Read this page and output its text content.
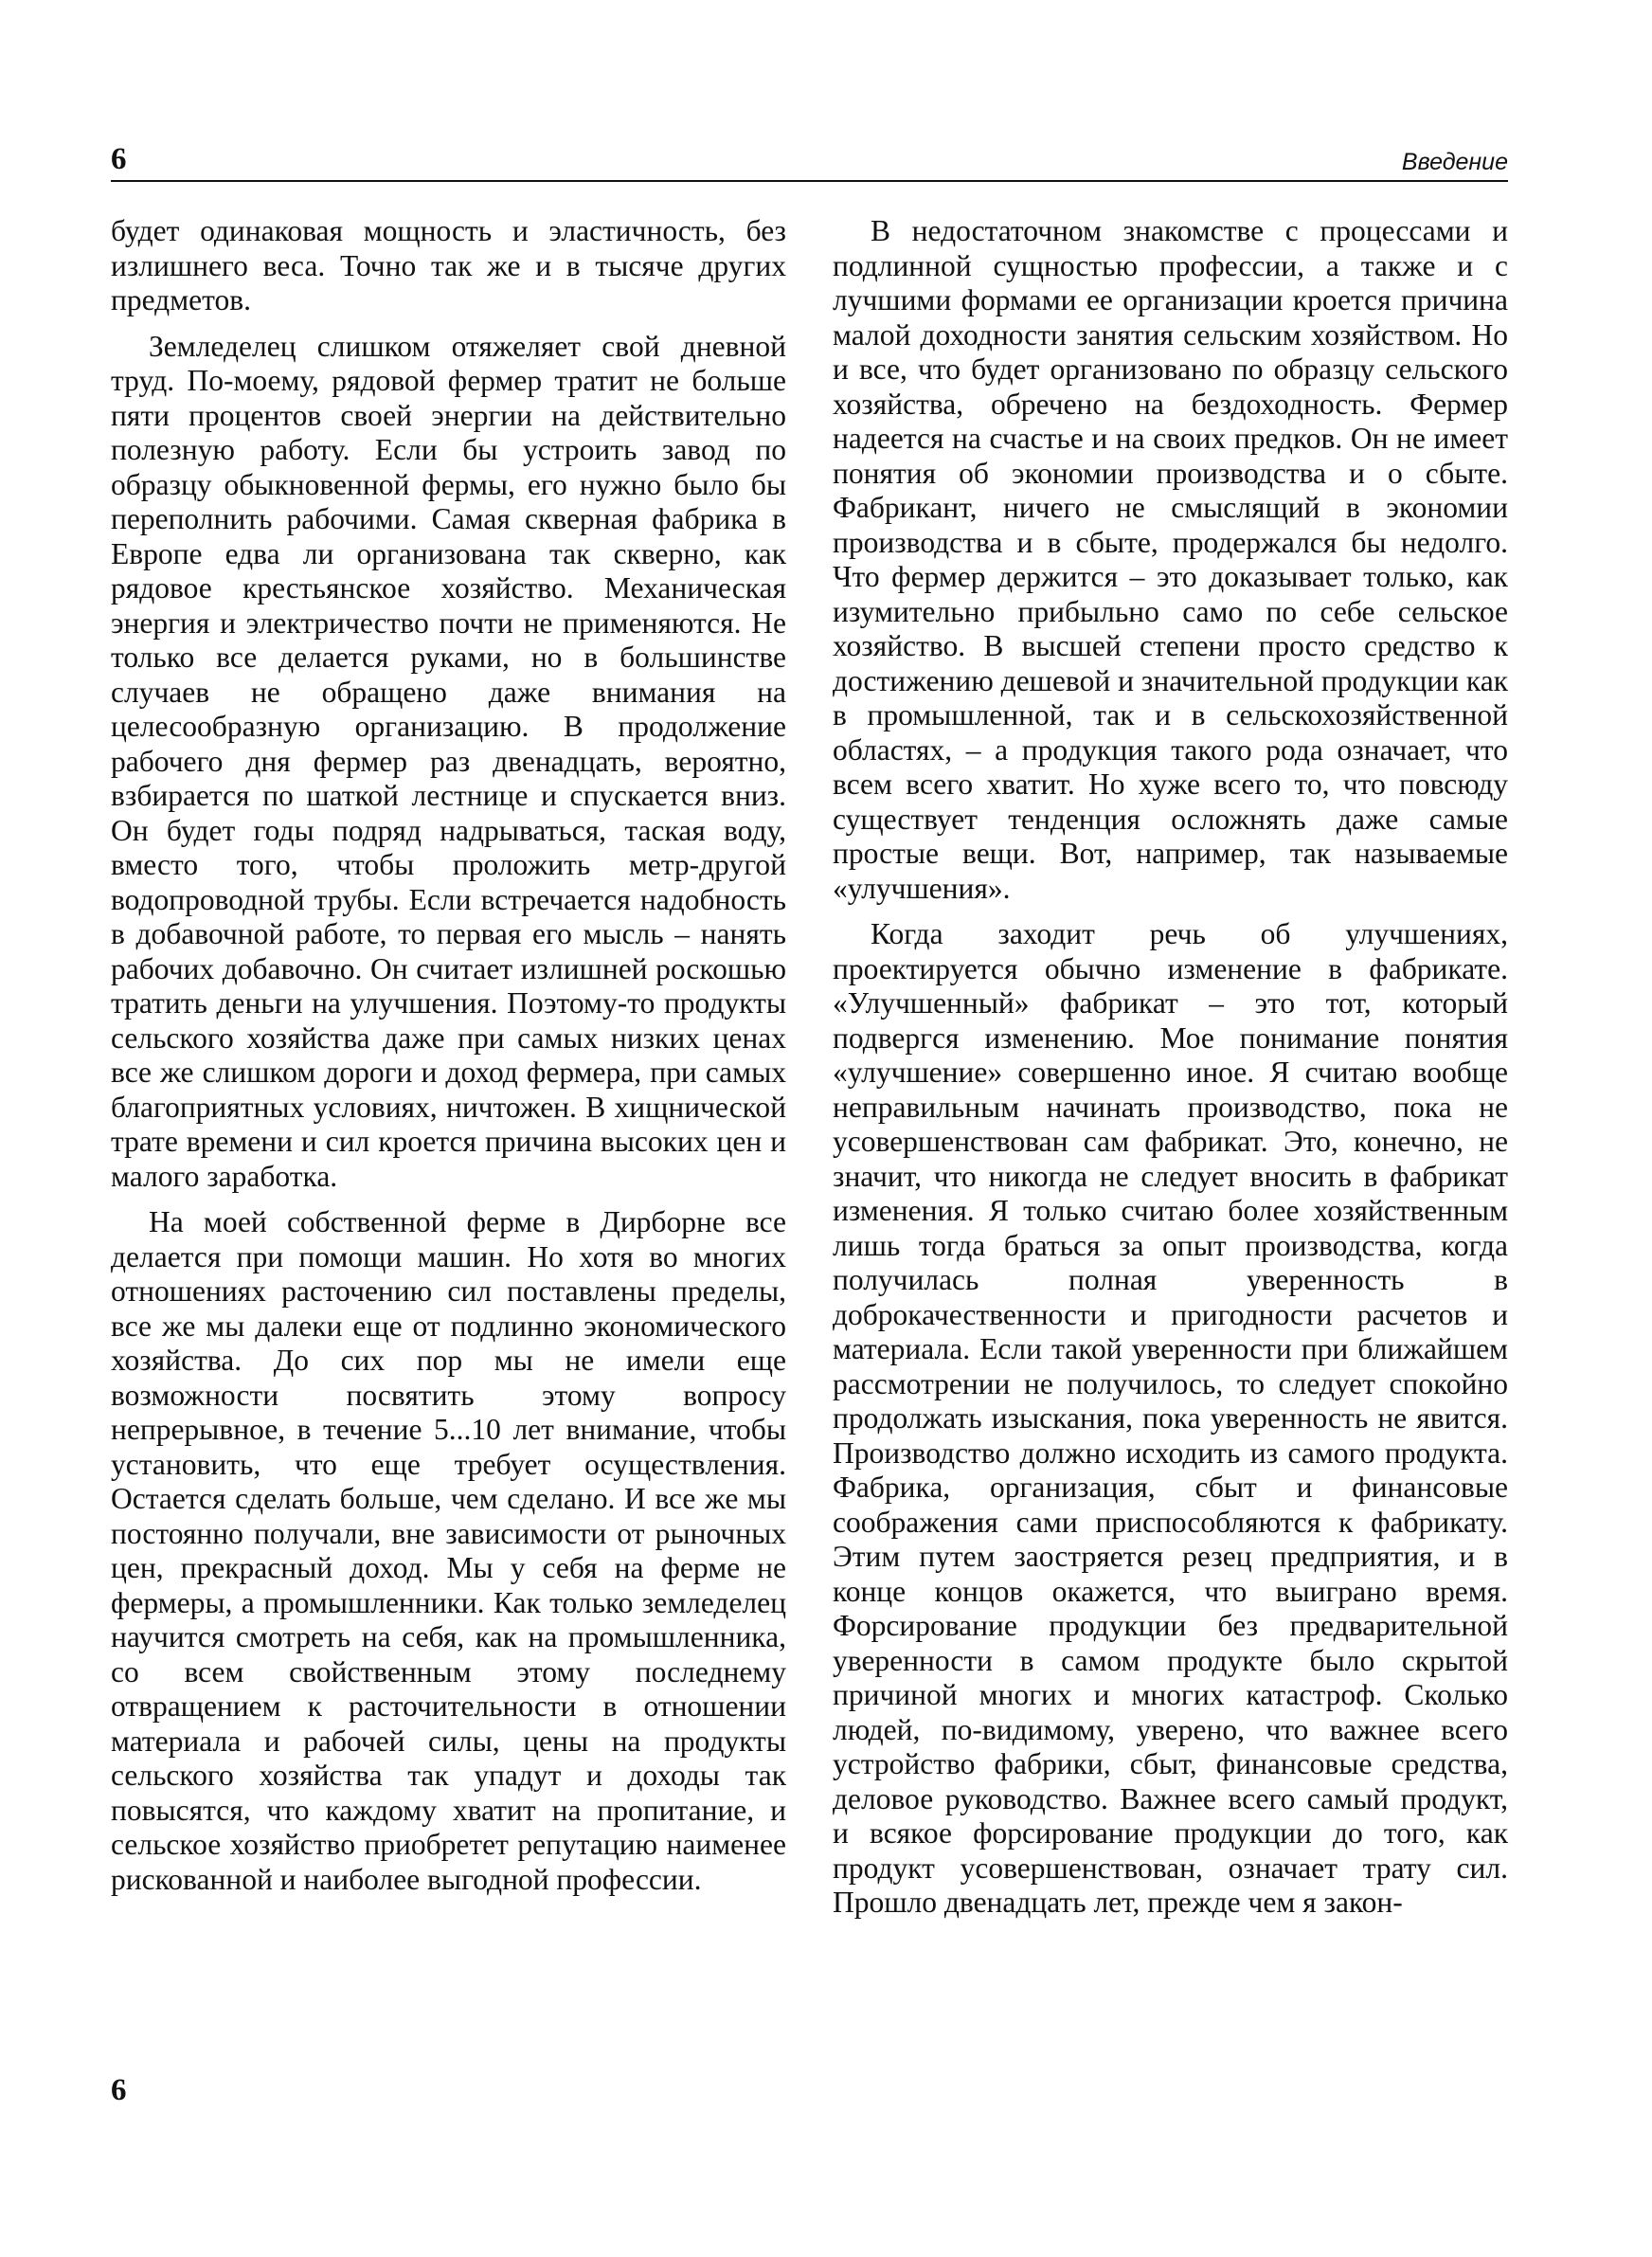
6	Введение

будет одинаковая мощность и эластичность, без излишнего веса. Точно так же и в тысяче других предметов.

Земледелец слишком отяжеляет свой дневной труд. По-моему, рядовой фермер тратит не больше пяти процентов своей энергии на действительно полезную работу. Если бы устроить завод по образцу обыкновенной фермы, его нужно было бы переполнить рабочими. Самая скверная фабрика в Европе едва ли организована так скверно, как рядовое крестьянское хозяйство. Механическая энергия и электричество почти не применяются. Не только все делается руками, но в большинстве случаев не обращено даже внимания на целесообразную организацию. В продолжение рабочего дня фермер раз двенадцать, вероятно, взбирается по шаткой лестнице и спускается вниз. Он будет годы подряд надрываться, таская воду, вместо того, чтобы проложить метр-другой водопроводной трубы. Если встречается надобность в добавочной работе, то первая его мысль – нанять рабочих добавочно. Он считает излишней роскошью тратить деньги на улучшения. Поэтому-то продукты сельского хозяйства даже при самых низких ценах все же слишком дороги и доход фермера, при самых благоприятных условиях, ничтожен. В хищнической трате времени и сил кроется причина высоких цен и малого заработка.

На моей собственной ферме в Дирборне все делается при помощи машин. Но хотя во многих отношениях расточению сил поставлены пределы, все же мы далеки еще от подлинно экономического хозяйства. До сих пор мы не имели еще возможности посвятить этому вопросу непрерывное, в течение 5...10 лет внимание, чтобы установить, что еще требует осуществления. Остается сделать больше, чем сделано. И все же мы постоянно получали, вне зависимости от рыночных цен, прекрасный доход. Мы у себя на ферме не фермеры, а промышленники. Как только земледелец научится смотреть на себя, как на промышленника, со всем свойственным этому последнему отвращением к расточительности в отношении материала и рабочей силы, цены на продукты сельского хозяйства так упадут и доходы так повысятся, что каждому хватит на пропитание, и сельское хозяйство приобретет репутацию наименее рискованной и наиболее выгодной профессии.

В недостаточном знакомстве с процессами и подлинной сущностью профессии, а также и с лучшими формами ее организации кроется причина малой доходности занятия сельским хозяйством. Но и все, что будет организовано по образцу сельского хозяйства, обречено на бездоходность. Фермер надеется на счастье и на своих предков. Он не имеет понятия об экономии производства и о сбыте. Фабрикант, ничего не смыслящий в экономии производства и в сбыте, продержался бы недолго. Что фермер держится – это доказывает только, как изумительно прибыльно само по себе сельское хозяйство. В высшей степени просто средство к достижению дешевой и значительной продукции как в промышленной, так и в сельскохозяйственной областях, – а продукция такого рода означает, что всем всего хватит. Но хуже всего то, что повсюду существует тенденция осложнять даже самые простые вещи. Вот, например, так называемые «улучшения».

Когда заходит речь об улучшениях, проектируется обычно изменение в фабрикате. «Улучшенный» фабрикат – это тот, который подвергся изменению. Мое понимание понятия «улучшение» совершенно иное. Я считаю вообще неправильным начинать производство, пока не усовершенствован сам фабрикат. Это, конечно, не значит, что никогда не следует вносить в фабрикат изменения. Я только считаю более хозяйственным лишь тогда браться за опыт производства, когда получилась полная уверенность в доброкачественности и пригодности расчетов и материала. Если такой уверенности при ближайшем рассмотрении не получилось, то следует спокойно продолжать изыскания, пока уверенность не явится. Производство должно исходить из самого продукта. Фабрика, организация, сбыт и финансовые соображения сами приспособляются к фабрикату. Этим путем заостряется резец предприятия, и в конце концов окажется, что выиграно время. Форсирование продукции без предварительной уверенности в самом продукте было скрытой причиной многих и многих катастроф. Сколько людей, по-видимому, уверено, что важнее всего устройство фабрики, сбыт, финансовые средства, деловое руководство. Важнее всего самый продукт, и всякое форсирование продукции до того, как продукт усовершенствован, означает трату сил. Прошло двенадцать лет, прежде чем я закон-

6
